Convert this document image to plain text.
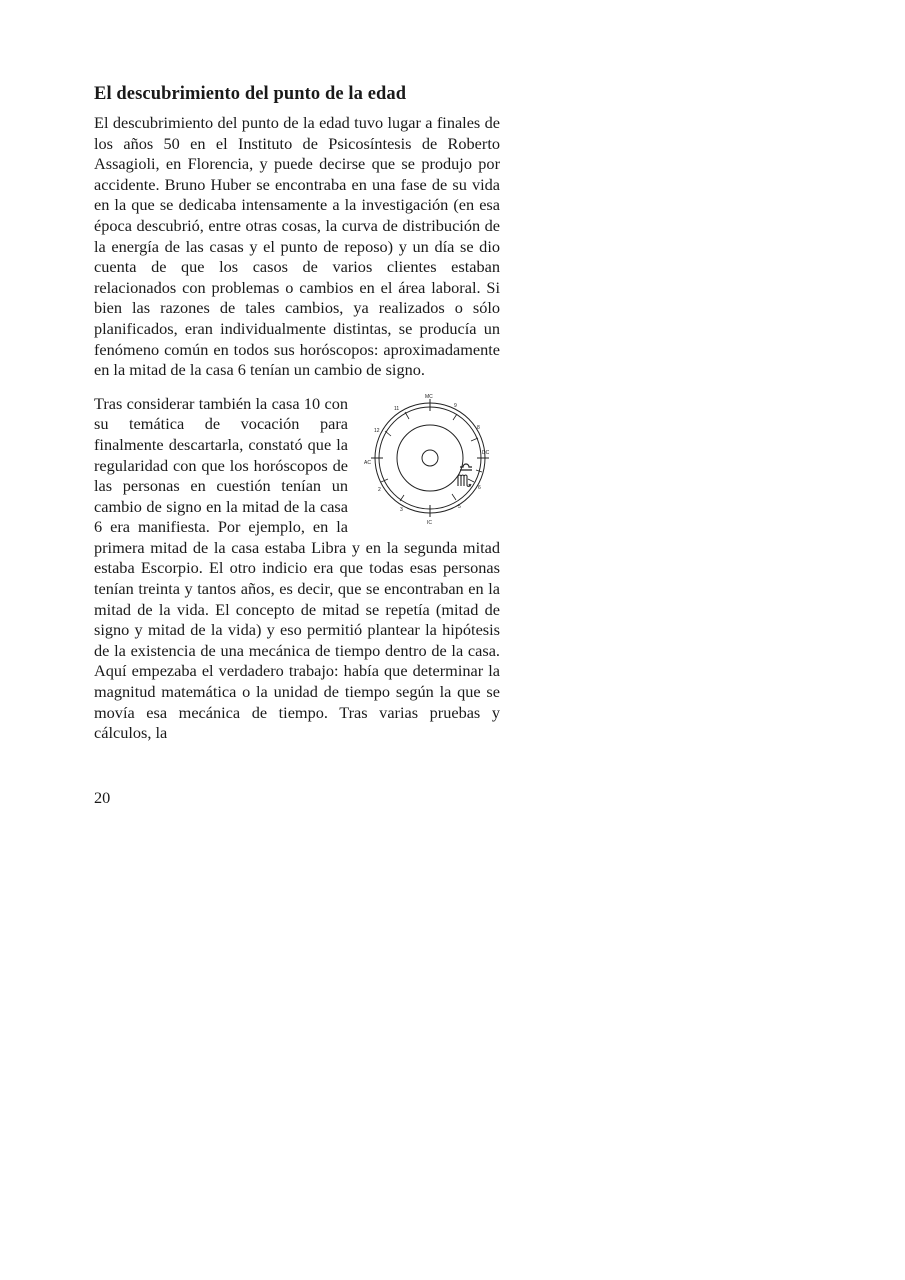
El descubrimiento del punto de la edad

El descubrimiento del punto de la edad tuvo lugar a finales de los años 50 en el Instituto de Psicosíntesis de Roberto Assagioli, en Florencia, y puede decirse que se produjo por accidente. Bruno Huber se encontraba en una fase de su vida en la que se dedicaba intensamente a la investigación (en esa época descubrió, entre otras cosas, la curva de distribución de la energía de las casas y el punto de reposo) y un día se dio cuenta de que los casos de varios clientes estaban relacionados con problemas o cambios en el área laboral. Si bien las razones de tales cambios, ya realizados o sólo planificados, eran individualmente distintas, se producía un fenómeno común en todos sus horóscopos: aproximadamente en la mitad de la casa 6 tenían un cambio de signo.

MC
IC
AC
DC
11
12
2
3	5
6
8
9

Tras considerar también la casa 10 con su temática de vocación para finalmente descartarla, constató que la regularidad con que los horóscopos de las personas en cuestión tenían un cambio de signo en la mitad de la casa 6 era manifiesta. Por ejemplo, en la primera mitad de la casa estaba Libra y en la segunda mitad estaba Escorpio. El otro indicio era que todas esas personas tenían treinta y tantos años, es decir, que se encontraban en la mitad de la vida. El concepto de mitad se repetía (mitad de signo y mitad de la vida) y eso permitió plantear la hipótesis de la existencia de una mecánica de tiempo dentro de la casa. Aquí empezaba el verdadero trabajo: había que determinar la magnitud matemática o la unidad de tiempo según la que se movía esa mecánica de tiempo. Tras varias pruebas y cálculos, la

20
